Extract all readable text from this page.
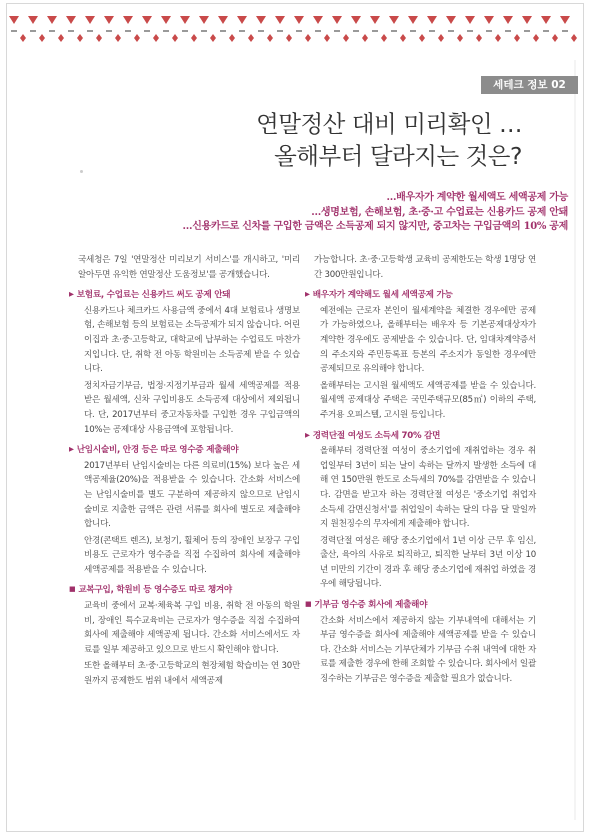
세테크 정보 02
연말정산 대비 미리확인 …
올해부터 달라지는 것은?
… 배우자가 계약한 월세액도 세액공제 가능
… 생명보험, 손해보험, 초·중·고 수업료는 신용카드 공제 안돼
… 신용카드로 신차를 구입한 금액은 소득공제 되지 않지만, 중고차는 구입금액의 10% 공제

국세청은 7일 '연말정산 미리보기 서비스'를 개시하고, '미리 알아두면 유익한 연말정산 도움정보'를 공개했습니다.

▶ 보험료, 수업료는 신용카드 써도 공제 안돼

신용카드나 체크카드 사용금액 중에서 4대 보험료나 생명보험, 손해보험 등의 보험료는 소득공제가 되지 않습니다. 어린이집과 초·중·고등학교, 대학교에 납부하는 수업료도 마찬가지입니다. 단, 취학 전 아동 학원비는 소득공제 받을 수 있습니다.

정치자금기부금, 법정·지정기부금과 월세 세액공제를 적용 받은 월세액, 신차 구입비용도 소득공제 대상에서 제외됩니다. 단, 2017년부터 중고자동차를 구입한 경우 구입금액의 10%는 공제대상 사용금액에 포함됩니다.

▶ 난임시술비, 안경 등은 따로 영수증 제출해야

2017년부터 난임시술비는 다른 의료비(15%) 보다 높은 세액공제율(20%)을 적용받을 수 있습니다. 간소화 서비스에는 난임시술비를 별도 구분하여 제공하지 않으므로 난임시술비로 지출한 금액은 관련 서류를 회사에 별도로 제출해야 합니다.

안경(콘택트 렌즈), 보청기, 휠체어 등의 장애인 보장구 구입비용도 근로자가 영수증을 직접 수집하여 회사에 제출해야 세액공제를 적용받을 수 있습니다.

■ 교복구입, 학원비 등 영수증도 따로 챙겨야

교육비 중에서 교복·체육복 구입 비용, 취학 전 아동의 학원비, 장애인 특수교육비는 근로자가 영수증을 직접 수집하여 회사에 제출해야 세액공제 됩니다. 간소화 서비스에서도 자료를 일부 제공하고 있으므로 반드시 확인해야 합니다.

또한 올해부터 초·중·고등학교의 현장체험 학습비는 연 30만원까지 공제한도 범위 내에서 세액공제

가능합니다. 초·중·고등학생 교육비 공제한도는 학생 1명당 연간 300만원입니다.

▶ 배우자가 계약해도 월세 세액공제 가능

예전에는 근로자 본인이 월세계약을 체결한 경우에만 공제가 가능하였으나, 올해부터는 배우자 등 기본공제대상자가 계약한 경우에도 공제받을 수 있습니다. 단, 임대차계약증서의 주소지와 주민등록표 등본의 주소지가 동일한 경우에만 공제되므로 유의해야 합니다.

올해부터는 고시원 월세액도 세액공제를 받을 수 있습니다. 월세액 공제대상 주택은 국민주택규모(85㎡) 이하의 주택, 주거용 오피스텔, 고시원 등입니다.

▶ 경력단절 여성도 소득세 70% 감면

올해부터 경력단절 여성이 중소기업에 재취업하는 경우 취업일부터 3년이 되는 날이 속하는 달까지 발생한 소득에 대해 연 150만원 한도로 소득세의 70%를 감면받을 수 있습니다. 감면을 받고자 하는 경력단절 여성은 '중소기업 취업자 소득세 감면신청서'를 취업일이 속하는 달의 다음 달 말일까지 원천징수의 무자에게 제출해야 합니다.

경력단절 여성은 해당 중소기업에서 1년 이상 근무 후 임신, 출산, 육아의 사유로 퇴직하고, 퇴직한 날부터 3년 이상 10년 미만의 기간이 경과 후 해당 중소기업에 재취업 하였을 경우에 해당됩니다.

■ 기부금 영수증 회사에 제출해야

간소화 서비스에서 제공하지 않는 기부내역에 대해서는 기부금 영수증을 회사에 제출해야 세액공제를 받을 수 있습니다. 간소화 서비스는 기부단체가 기부금 수취 내역에 대한 자료를 제출한 경우에 한해 조회할 수 있습니다. 회사에서 일괄 징수하는 기부금은 영수증을 제출할 필요가 없습니다.
